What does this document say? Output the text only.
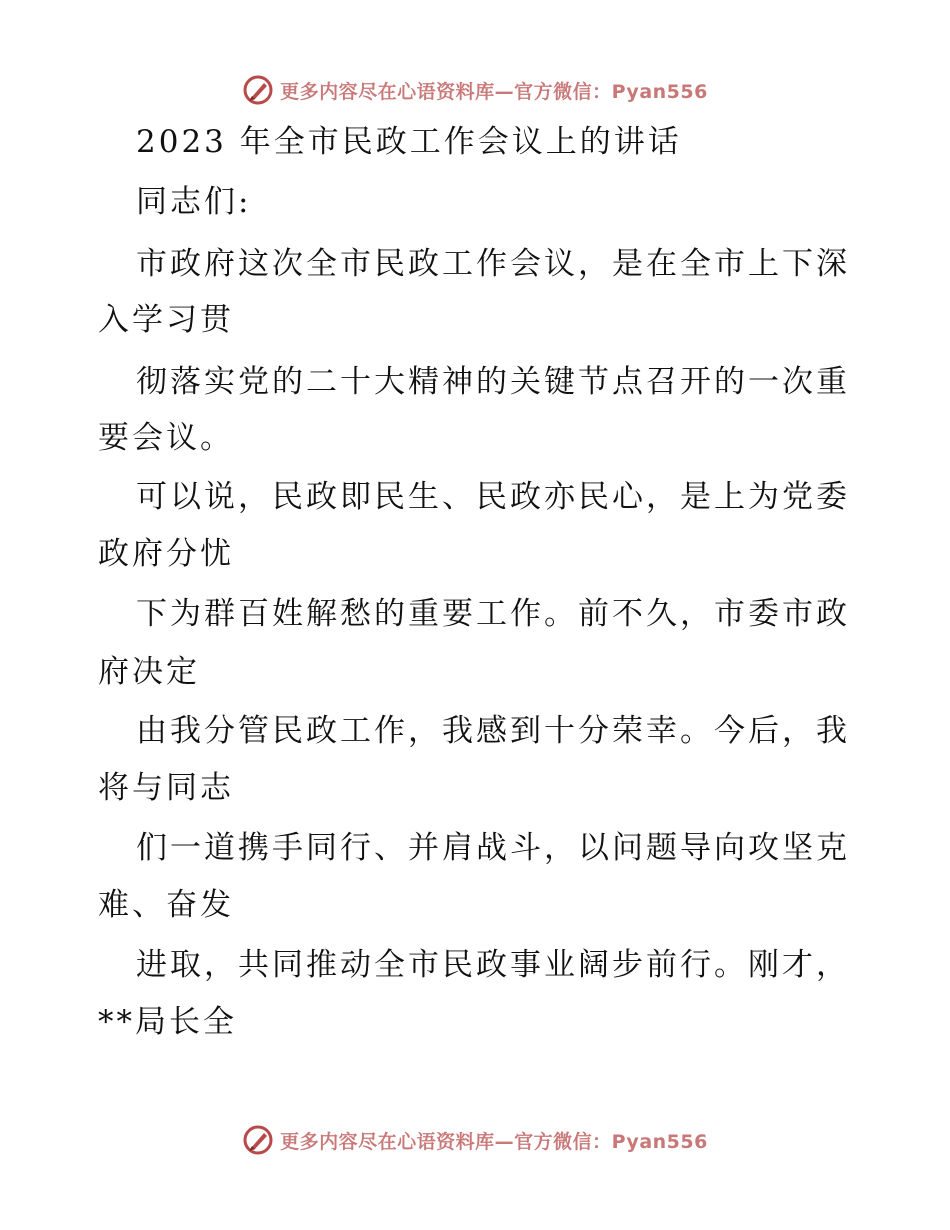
更多内容尽在心语资料库—官方微信：Pyan556
2023 年全市民政工作会议上的讲话
同志们:
市政府这次全市民政工作会议，是在全市上下深
入学习贯
彻落实党的二十大精神的关键节点召开的一次重
要会议。
可以说，民政即民生、民政亦民心，是上为党委
政府分忧
下为群百姓解愁的重要工作。前不久，市委市政
府决定
由我分管民政工作，我感到十分荣幸。今后，我
将与同志
们一道携手同行、并肩战斗，以问题导向攻坚克
难、奋发
进取，共同推动全市民政事业阔步前行。刚才，
**局长全
更多内容尽在心语资料库—官方微信：Pyan556
